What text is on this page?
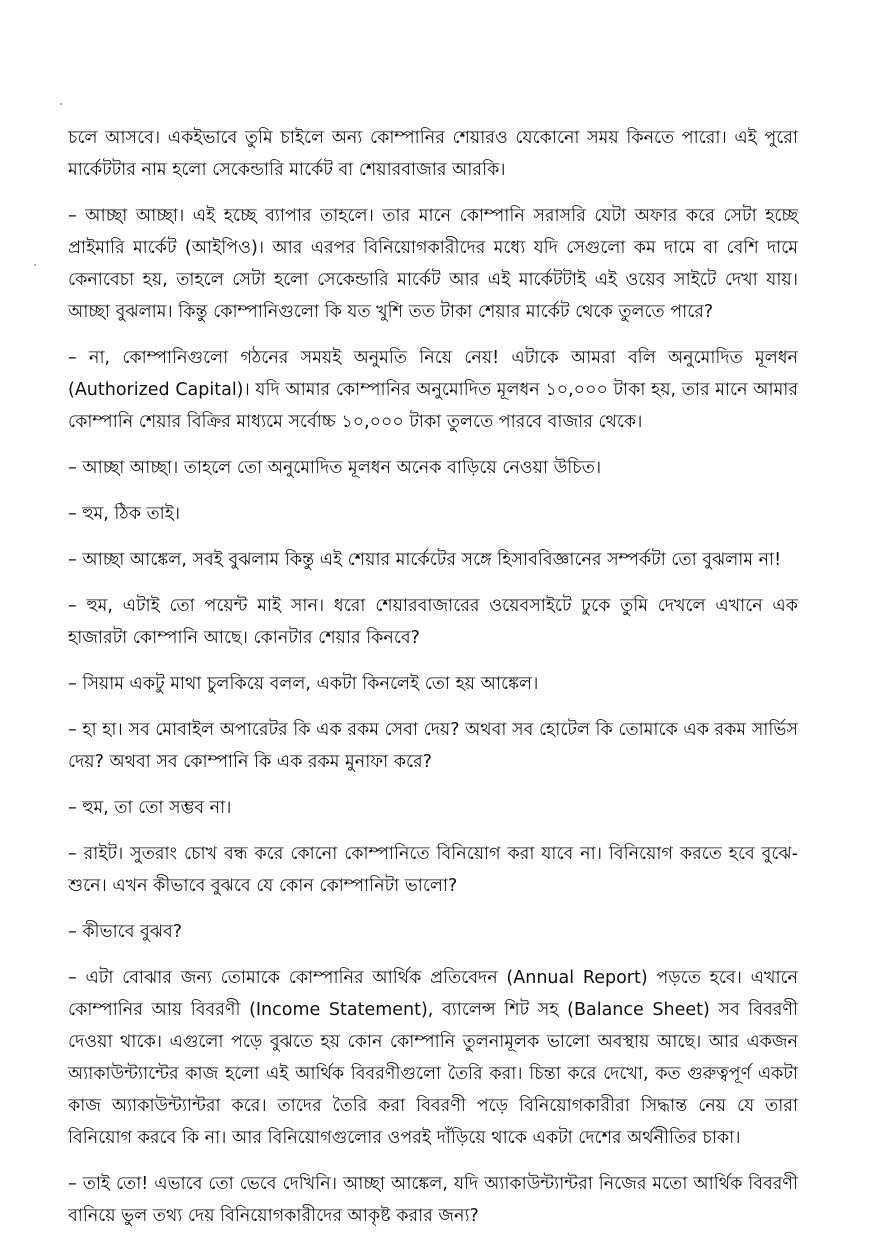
চলে আসবে। একইভাবে তুমি চাইলে অন্য কোম্পানির শেয়ারও যেকোনো সময় কিনতে পারো। এই পুরো মার্কেটটার নাম হলো সেকেন্ডারি মার্কেট বা শেয়ারবাজার আরকি।

– আচ্ছা আচ্ছা। এই হচ্ছে ব্যাপার তাহলে। তার মানে কোম্পানি সরাসরি যেটা অফার করে সেটা হচ্ছে প্রাইমারি মার্কেট (আইপিও)। আর এরপর বিনিয়োগকারীদের মধ্যে যদি সেগুলো কম দামে বা বেশি দামে কেনাবেচা হয়, তাহলে সেটা হলো সেকেন্ডারি মার্কেট আর এই মার্কেটটাই এই ওয়েব সাইটে দেখা যায়। আচ্ছা বুঝলাম। কিন্তু কোম্পানিগুলো কি যত খুশি তত টাকা শেয়ার মার্কেট থেকে তুলতে পারে?

– না, কোম্পানিগুলো গঠনের সময়ই অনুমতি নিয়ে নেয়! এটাকে আমরা বলি অনুমোদিত মূলধন (Authorized Capital)। যদি আমার কোম্পানির অনুমোদিত মূলধন ১০,০০০ টাকা হয়, তার মানে আমার কোম্পানি শেয়ার বিক্রির মাধ্যমে সর্বোচ্চ ১০,০০০ টাকা তুলতে পারবে বাজার থেকে।

– আচ্ছা আচ্ছা। তাহলে তো অনুমোদিত মূলধন অনেক বাড়িয়ে নেওয়া উচিত।

– হুম, ঠিক তাই।

– আচ্ছা আঙ্কেল, সবই বুঝলাম কিন্তু এই শেয়ার মার্কেটের সঙ্গে হিসাববিজ্ঞানের সম্পর্কটা তো বুঝলাম না!

– হুম, এটাই তো পয়েন্ট মাই সান। ধরো শেয়ারবাজারের ওয়েবসাইটে ঢুকে তুমি দেখলে এখানে এক হাজারটা কোম্পানি আছে। কোনটার শেয়ার কিনবে?

– সিয়াম একটু মাথা চুলকিয়ে বলল, একটা কিনলেই তো হয় আঙ্কেল।

– হা হা। সব মোবাইল অপারেটর কি এক রকম সেবা দেয়? অথবা সব হোটেল কি তোমাকে এক রকম সার্ভিস দেয়? অথবা সব কোম্পানি কি এক রকম মুনাফা করে?

– হুম, তা তো সম্ভব না।

– রাইট। সুতরাং চোখ বন্ধ করে কোনো কোম্পানিতে বিনিয়োগ করা যাবে না। বিনিয়োগ করতে হবে বুঝে-শুনে। এখন কীভাবে বুঝবে যে কোন কোম্পানিটা ভালো?

– কীভাবে বুঝব?

– এটা বোঝার জন্য তোমাকে কোম্পানির আর্থিক প্রতিবেদন (Annual Report) পড়তে হবে। এখানে কোম্পানির আয় বিবরণী (Income Statement), ব্যালেন্স শিট সহ (Balance Sheet) সব বিবরণী দেওয়া থাকে। এগুলো পড়ে বুঝতে হয় কোন কোম্পানি তুলনামূলক ভালো অবস্থায় আছে। আর একজন অ্যাকাউন্ট্যান্টের কাজ হলো এই আর্থিক বিবরণীগুলো তৈরি করা। চিন্তা করে দেখো, কত গুরুত্বপূর্ণ একটা কাজ অ্যাকাউন্ট্যান্টরা করে। তাদের তৈরি করা বিবরণী পড়ে বিনিয়োগকারীরা সিদ্ধান্ত নেয় যে তারা বিনিয়োগ করবে কি না। আর বিনিয়োগগুলোর ওপরই দাঁড়িয়ে থাকে একটা দেশের অর্থনীতির চাকা।

– তাই তো! এভাবে তো ভেবে দেখিনি। আচ্ছা আঙ্কেল, যদি অ্যাকাউন্ট্যান্টরা নিজের মতো আর্থিক বিবরণী বানিয়ে ভুল তথ্য দেয় বিনিয়োগকারীদের আকৃষ্ট করার জন্য?
